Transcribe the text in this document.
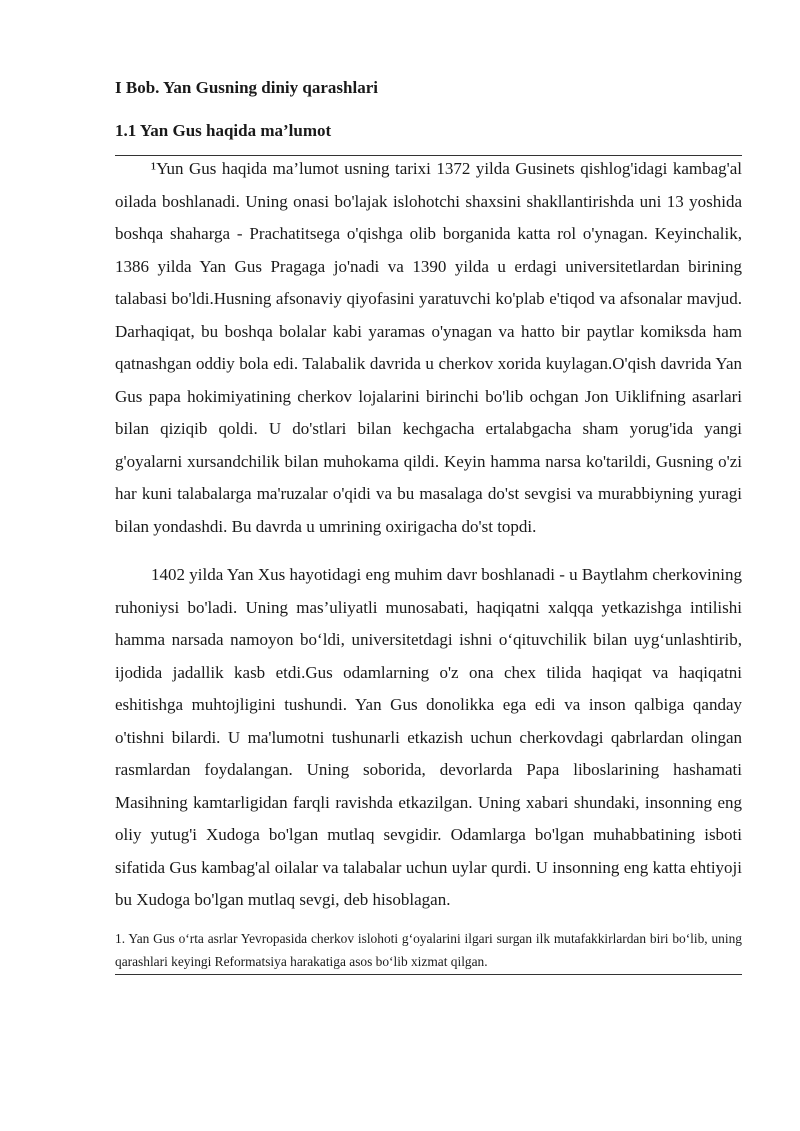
I Bob. Yan Gusning diniy qarashlari
1.1 Yan Gus haqida ma’lumot

¹Yun Gus haqida ma’lumot usning tarixi 1372 yilda Gusinets qishlog'idagi kambag'al oilada boshlanadi. Uning onasi bo'lajak islohotchi shaxsini shakllantirishda uni 13 yoshida boshqa shaharga - Prachatitsega o'qishga olib borganida katta rol o'ynagan. Keyinchalik, 1386 yilda Yan Gus Pragaga jo'nadi va 1390 yilda u erdagi universitetlardan birining talabasi bo'ldi.Husning afsonaviy qiyofasini yaratuvchi ko'plab e'tiqod va afsonalar mavjud. Darhaqiqat, bu boshqa bolalar kabi yaramas o'ynagan va hatto bir paytlar komiksda ham qatnashgan oddiy bola edi. Talabalik davrida u cherkov xorida kuylagan.O'qish davrida Yan Gus papa hokimiyatining cherkov lojalarini birinchi bo'lib ochgan Jon Uiklifning asarlari bilan qiziqib qoldi. U do'stlari bilan kechgacha ertalabgacha sham yorug'ida yangi g'oyalarni xursandchilik bilan muhokama qildi. Keyin hamma narsa ko'tarildi, Gusning o'zi har kuni talabalarga ma'ruzalar o'qidi va bu masalaga do'st sevgisi va murabbiyning yuragi bilan yondashdi. Bu davrda u umrining oxirigacha do'st topdi.

1402 yilda Yan Xus hayotidagi eng muhim davr boshlanadi - u Baytlahm cherkovining ruhoniysi bo'ladi. Uning mas’uliyatli munosabati, haqiqatni xalqqa yetkazishga intilishi hamma narsada namoyon bo‘ldi, universitetdagi ishni o‘qituvchilik bilan uyg‘unlashtirib, ijodida jadallik kasb etdi.Gus odamlarning o'z ona chex tilida haqiqat va haqiqatni eshitishga muhtojligini tushundi. Yan Gus donolikka ega edi va inson qalbiga qanday o'tishni bilardi. U ma'lumotni tushunarli etkazish uchun cherkovdagi qabrlardan olingan rasmlardan foydalangan. Uning soborida, devorlarda Papa liboslarining hashamati Masihning kamtarligidan farqli ravishda etkazilgan. Uning xabari shundaki, insonning eng oliy yutug'i Xudoga bo'lgan mutlaq sevgidir. Odamlarga bo'lgan muhabbatining isboti sifatida Gus kambag'al oilalar va talabalar uchun uylar qurdi. U insonning eng katta ehtiyoji bu Xudoga bo'lgan mutlaq sevgi, deb hisoblagan.

1. Yan Gus o‘rta asrlar Yevropasida cherkov islohoti g‘oyalarini ilgari surgan ilk mutafakkirlardan biri bo‘lib, uning qarashlari keyingi Reformatsiya harakatiga asos bo‘lib xizmat qilgan.
